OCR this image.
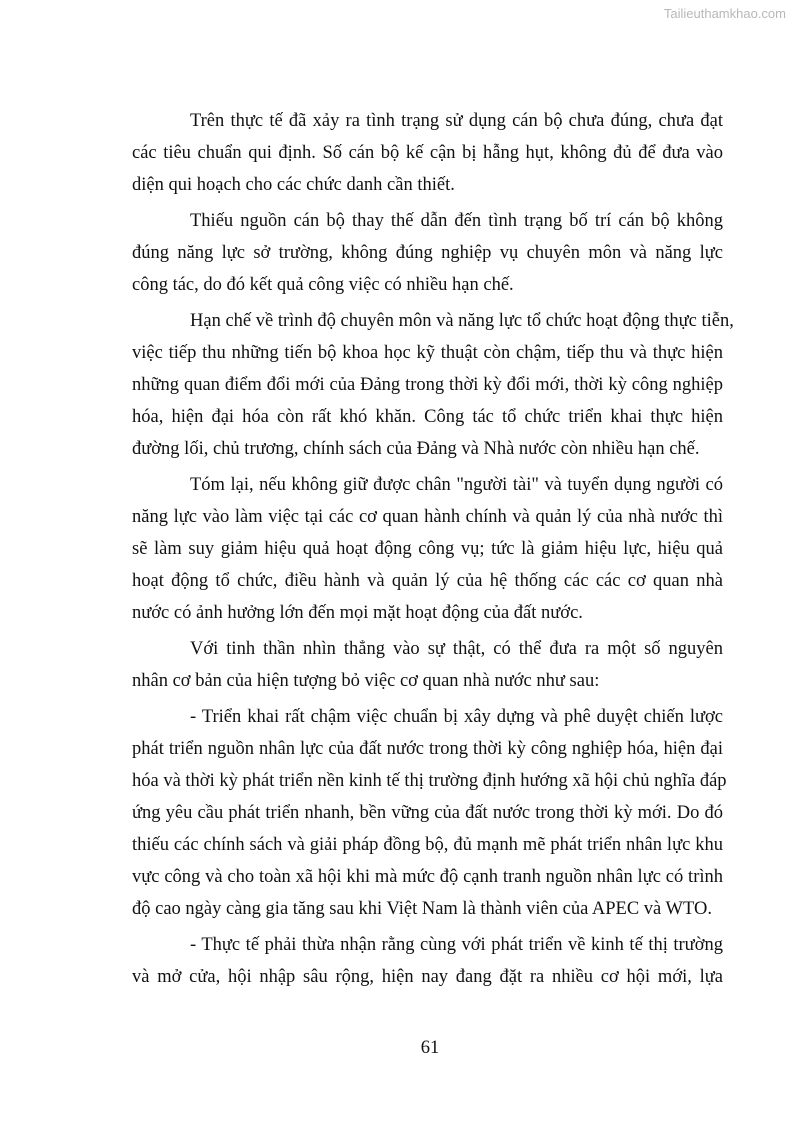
Tailieuthamkhao.com
Trên thực tế đã xảy ra tình trạng sử dụng cán bộ chưa đúng, chưa đạt
các tiêu chuẩn qui định. Số cán bộ kế cận bị hẫng hụt, không đủ để đưa vào
diện qui hoạch cho các chức danh cần thiết.
Thiếu nguồn cán bộ thay thế dẫn đến tình trạng bố trí cán bộ không
đúng năng lực sở trường, không đúng nghiệp vụ chuyên môn và năng lực
công tác, do đó kết quả công việc có nhiều hạn chế.
Hạn chế về trình độ chuyên môn và năng lực tổ chức hoạt động thực tiễn,
việc tiếp thu những tiến bộ khoa học kỹ thuật còn chậm, tiếp thu và thực hiện
những quan điểm đổi mới của Đảng trong thời kỳ đổi mới, thời kỳ công nghiệp
hóa, hiện đại hóa còn rất khó khăn. Công tác tổ chức triển khai thực hiện
đường lối, chủ trương, chính sách của Đảng và Nhà nước còn nhiều hạn chế.
Tóm lại, nếu không giữ được chân "người tài" và tuyển dụng người có
năng lực vào làm việc tại các cơ quan hành chính và quản lý của nhà nước thì
sẽ làm suy giảm hiệu quả hoạt động công vụ; tức là giảm hiệu lực, hiệu quả
hoạt động tổ chức, điều hành và quản lý của hệ thống các các cơ quan nhà
nước có ảnh hưởng lớn đến mọi mặt hoạt động của đất nước.
Với tinh thần nhìn thẳng vào sự thật, có thể đưa ra một số nguyên
nhân cơ bản của hiện tượng bỏ việc cơ quan nhà nước như sau:
- Triển khai rất chậm việc chuẩn bị xây dựng và phê duyệt chiến lược
phát triển nguồn nhân lực của đất nước trong thời kỳ công nghiệp hóa, hiện đại
hóa và thời kỳ phát triển nền kinh tế thị trường định hướng xã hội chủ nghĩa đáp
ứng yêu cầu phát triển nhanh, bền vững của đất nước trong thời kỳ mới. Do đó
thiếu các chính sách và giải pháp đồng bộ, đủ mạnh mẽ phát triển nhân lực khu
vực công và cho toàn xã hội khi mà mức độ cạnh tranh nguồn nhân lực có trình
độ cao ngày càng gia tăng sau khi Việt Nam là thành viên của APEC và WTO.
- Thực tế phải thừa nhận rằng cùng với phát triển về kinh tế thị trường
và mở cửa, hội nhập sâu rộng, hiện nay đang đặt ra nhiều cơ hội mới, lựa
61
